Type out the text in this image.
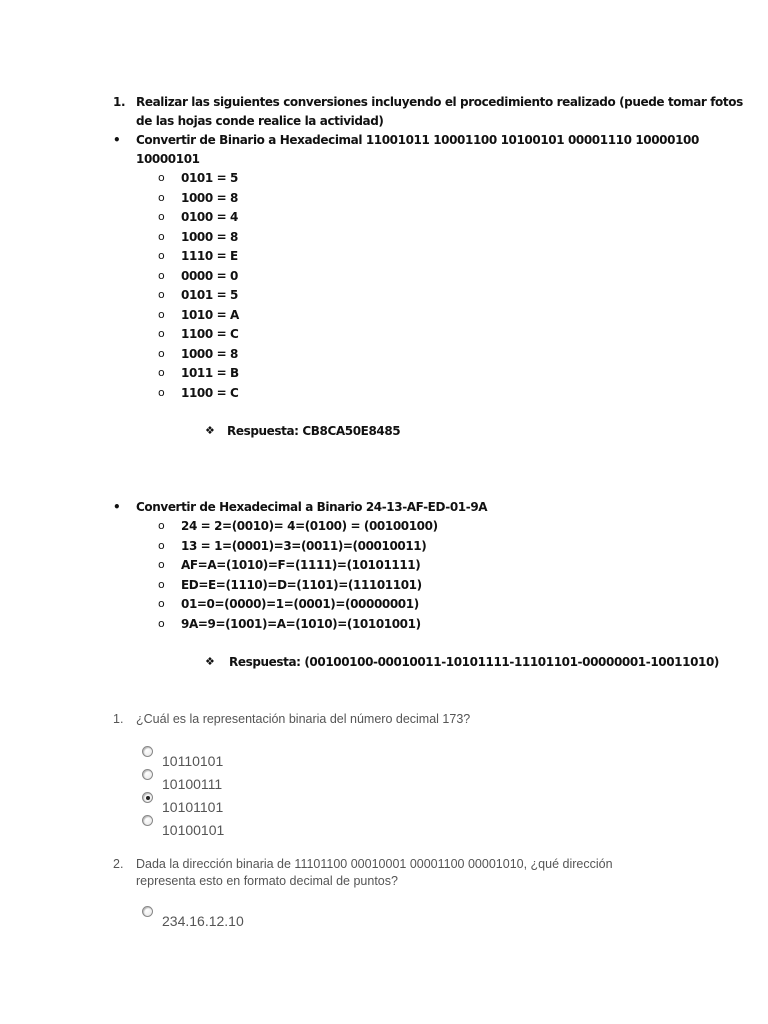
1. Realizar las siguientes conversiones incluyendo el procedimiento realizado (puede tomar fotos
de las hojas conde realice la actividad)
• Convertir de Binario a Hexadecimal 11001011 10001100 10100101 00001110 10000100
10000101
o 0101 = 5
o 1000 = 8
o 0100 = 4
o 1000 = 8
o 1110 = E
o 0000 = 0
o 0101 = 5
o 1010 = A
o 1100 = C
o 1000 = 8
o 1011 = B
o 1100 = C
❖ Respuesta: CB8CA50E8485
• Convertir de Hexadecimal a Binario 24-13-AF-ED-01-9A
o 24 = 2=(0010)= 4=(0100) = (00100100)
o 13 = 1=(0001)=3=(0011)=(00010011)
o AF=A=(1010)=F=(1111)=(10101111)
o ED=E=(1110)=D=(1101)=(11101101)
o 01=0=(0000)=1=(0001)=(00000001)
o 9A=9=(1001)=A=(1010)=(10101001)
❖ Respuesta: (00100100-00010011-10101111-11101101-00000001-10011010)
1. ¿Cuál es la representación binaria del número decimal 173?
10110101
10100111
10101101
10100101
2. Dada la dirección binaria de 11101100 00010001 00001100 00001010, ¿qué dirección
representa esto en formato decimal de puntos?
234.16.12.10
